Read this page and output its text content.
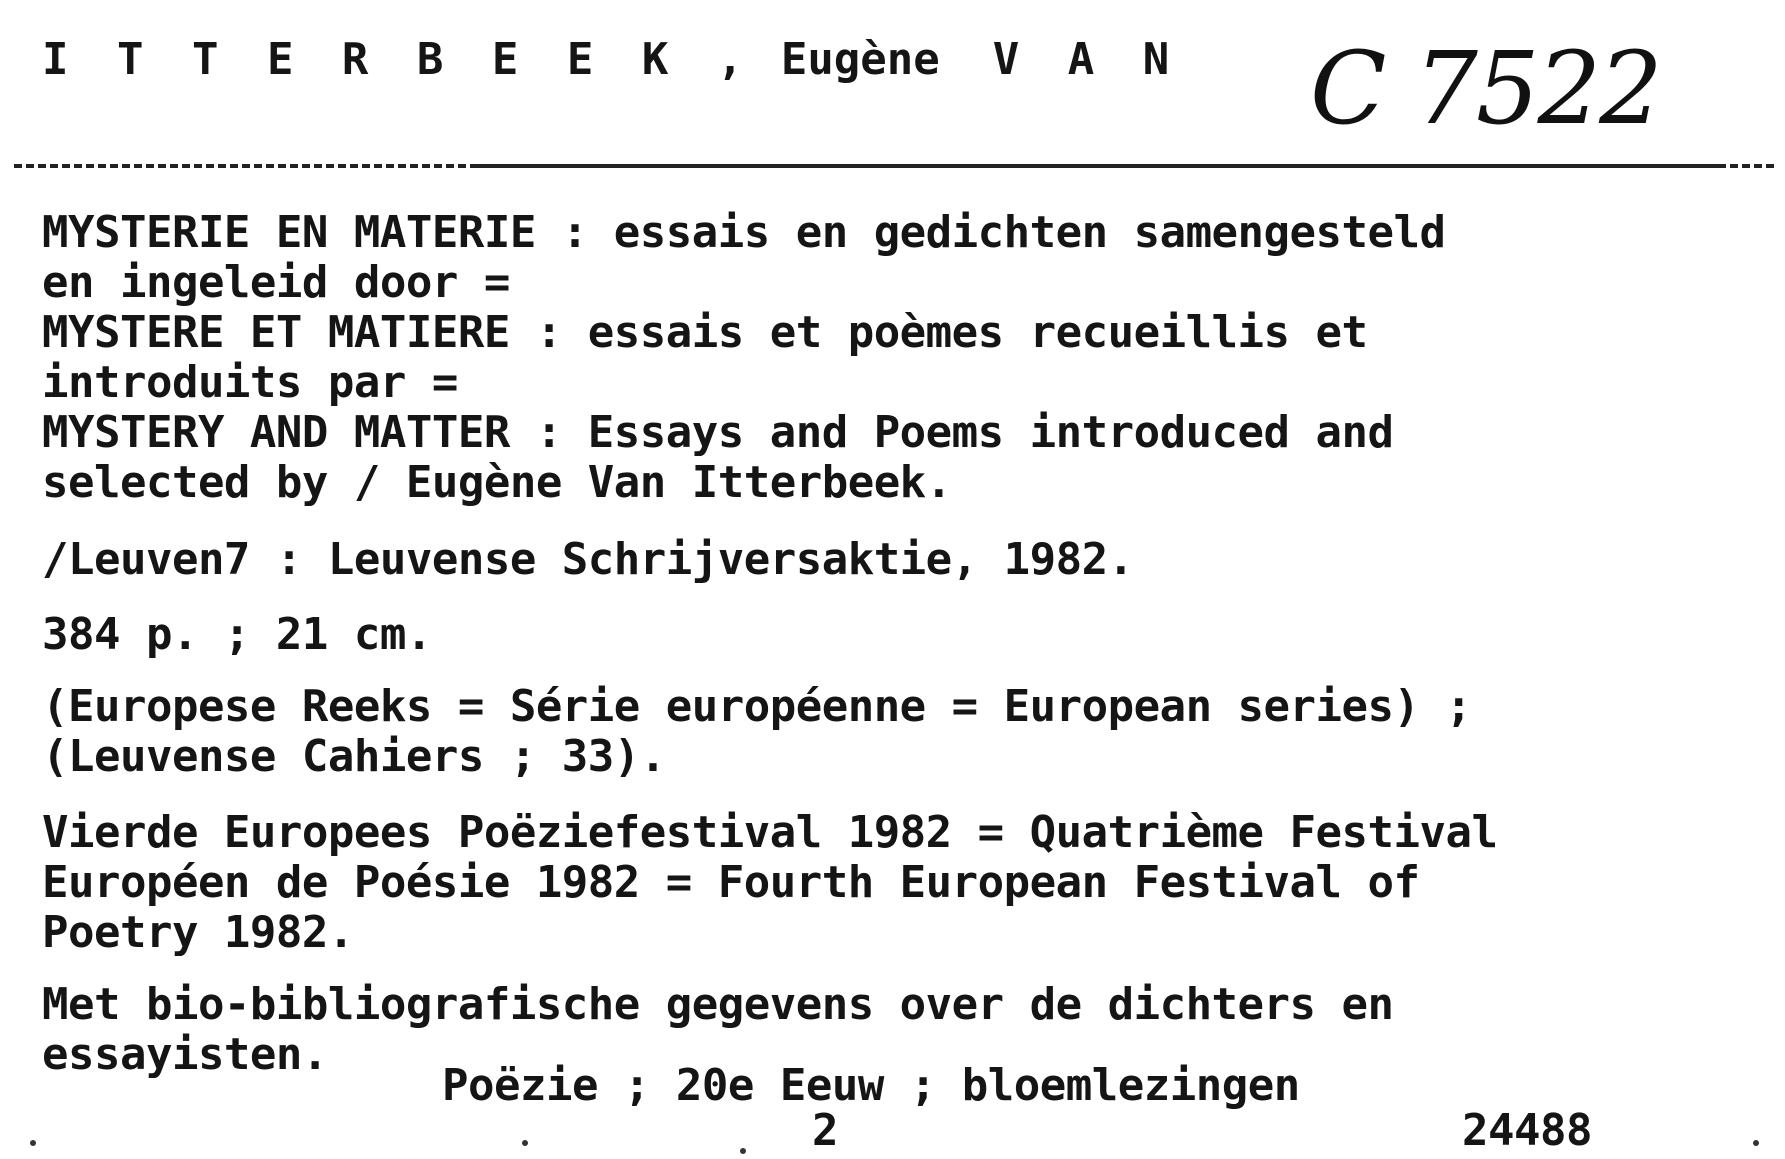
I T T E R B E E K , Eugène V A N C 7522
MYSTERIE EN MATERIE : essais en gedichten samengesteld
en ingeleid door =
MYSTERE ET MATIERE : essais et poèmes recueillis et
introduits par =
MYSTERY AND MATTER : Essays and Poems introduced and
selected by / Eugène Van Itterbeek.
/Leuven7 : Leuvense Schrijversaktie, 1982.
384 p. ; 21 cm.
(Europese Reeks = Série européenne = European series) ;
(Leuvense Cahiers ; 33).
Vierde Europees Poëziefestival 1982 = Quatrième Festival
Européen de Poésie 1982 = Fourth European Festival of
Poetry 1982.
Met bio-bibliografische gegevens over de dichters en
essayisten.
Poëzie ; 20e Eeuw ; bloemlezingen
2	24488
